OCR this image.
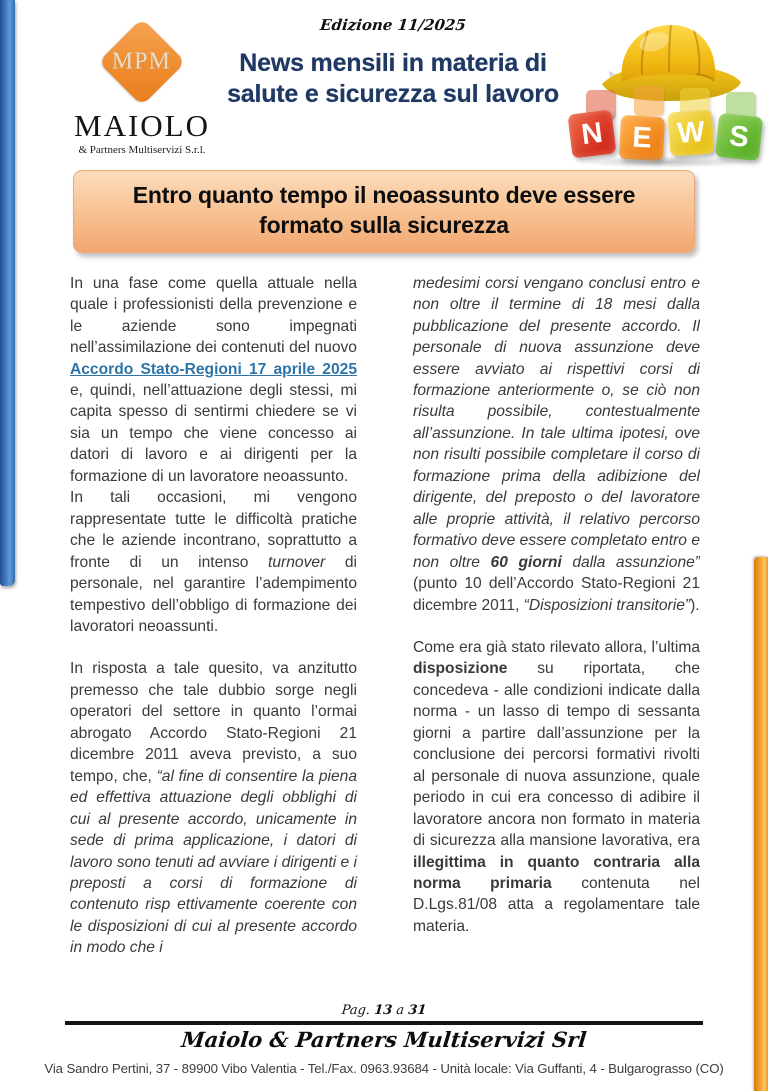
MPM
MAIOLO
& Partners Multiservizi S.r.l.
Edizione 11/2025
News mensili in materia di
salute e sicurezza sul lavoro
N E W S
Entro quanto tempo il neoassunto deve essere formato sulla sicurezza

In una fase come quella attuale nella quale i professionisti della prevenzione e le aziende sono impegnati nell’assimilazione dei contenuti del nuovo Accordo Stato-Regioni 17 aprile 2025 e, quindi, nell’attuazione degli stessi, mi capita spesso di sentirmi chiedere se vi sia un tempo che viene concesso ai datori di lavoro e ai dirigenti per la formazione di un lavoratore neoassunto.

In tali occasioni, mi vengono rappresentate tutte le difficoltà pratiche che le aziende incontrano, soprattutto a fronte di un intenso turnover di personale, nel garantire l’adempimento tempestivo dell’obbligo di formazione dei lavoratori neoassunti.

In risposta a tale quesito, va anzitutto premesso che tale dubbio sorge negli operatori del settore in quanto l’ormai abrogato Accordo Stato-Regioni 21 dicembre 2011 aveva previsto, a suo tempo, che, “al fine di consentire la piena ed effettiva attuazione degli obblighi di cui al presente accordo, unicamente in sede di prima applicazione, i datori di lavoro sono tenuti ad avviare i dirigenti e i preposti a corsi di formazione di contenuto risp ettivamente coerente con le disposizioni di cui al presente accordo in modo che i

medesimi corsi vengano conclusi entro e non oltre il termine di 18 mesi dalla pubblicazione del presente accordo. Il personale di nuova assunzione deve essere avviato ai rispettivi corsi di formazione anteriormente o, se ciò non risulta possibile, contestualmente all’assunzione. In tale ultima ipotesi, ove non risulti possibile completare il corso di formazione prima della adibizione del dirigente, del preposto o del lavoratore alle proprie attività, il relativo percorso formativo deve essere completato entro e non oltre 60 giorni dalla assunzione” (punto 10 dell’Accordo Stato-Regioni 21 dicembre 2011, “Disposizioni transitorie”).

Come era già stato rilevato allora, l’ultima disposizione su riportata, che concedeva - alle condizioni indicate dalla norma - un lasso di tempo di sessanta giorni a partire dall’assunzione per la conclusione dei percorsi formativi rivolti al personale di nuova assunzione, quale periodo in cui era concesso di adibire il lavoratore ancora non formato in materia di sicurezza alla mansione lavorativa, era illegittima in quanto contraria alla norma primaria contenuta nel D.Lgs.81/08 atta a regolamentare tale materia.

Pag. 13 a 31
Maiolo & Partners Multiservizi Srl
Via Sandro Pertini, 37 - 89900 Vibo Valentia - Tel./Fax. 0963.93684 - Unità locale: Via Guffanti, 4 - Bulgarograsso (CO)
